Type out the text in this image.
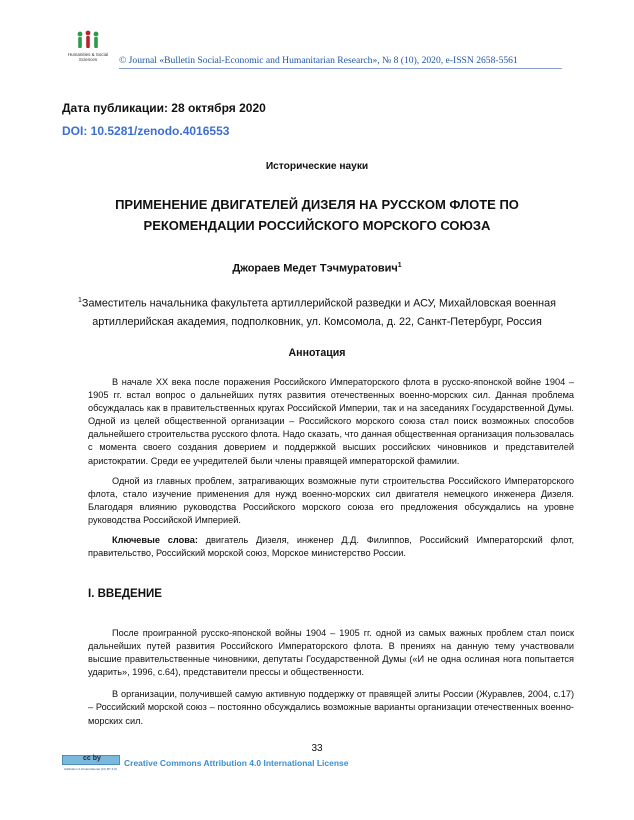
Humanities & Social Sciences	© Journal «Bulletin Social-Economic and Humanitarian Research», № 8 (10), 2020, e-ISSN 2658-5561
Дата публикации: 28 октября 2020
DOI: 10.5281/zenodo.4016553
Исторические науки
ПРИМЕНЕНИЕ ДВИГАТЕЛЕЙ ДИЗЕЛЯ НА РУССКОМ ФЛОТЕ ПО
РЕКОМЕНДАЦИИ РОССИЙСКОГО МОРСКОГО СОЮЗА
Джораев Медет Тэчмуратович$^1$
$^1$Заместитель начальника факультета артиллерийской разведки и АСУ, Михайловская военная артиллерийская академия, подполковник, ул. Комсомола, д. 22, Санкт-Петербург, Россия
Аннотация

В начале XX века после поражения Российского Императорского флота в русско-японской войне 1904 – 1905 гг. встал вопрос о дальнейших путях развития отечественных военно-морских сил. Данная проблема обсуждалась как в правительственных кругах Российской Империи, так и на заседаниях Государственной Думы. Одной из целей общественной организации – Российского морского союза стал поиск возможных способов дальнейшего строительства русского флота. Надо сказать, что данная общественная организация пользовалась с момента своего создания доверием и поддержкой высших российских чиновников и представителей аристократии. Среди ее учредителей были члены правящей императорской фамилии.

Одной из главных проблем, затрагивающих возможные пути строительства Российского Императорского флота, стало изучение применения для нужд военно-морских сил двигателя немецкого инженера Дизеля. Благодаря влиянию руководства Российского морского союза его предложения обсуждались на уровне руководства Российской Империей.

Ключевые слова: двигатель Дизеля, инженер Д.Д. Филиппов, Российский Императорский флот, правительство, Российский морской союз, Морское министерство России.

I. ВВЕДЕНИЕ

После проигранной русско-японской войны 1904 – 1905 гг. одной из самых важных проблем стал поиск дальнейших путей развития Российского Императорского флота. В прениях на данную тему участвовали высшие правительственные чиновники, депутаты Государственной Думы («И не одна ослиная нога попытается ударить», 1996, с.64), представители прессы и общественности.

В организации, получившей самую активную поддержку от правящей элиты России (Журавлев, 2004, с.17) – Российский морской союз – постоянно обсуждались возможные варианты организации отечественных военно-морских сил.

33
cc by
Attribution 4.0 International (CC BY 4.0)
Creative Commons Attribution 4.0 International License
